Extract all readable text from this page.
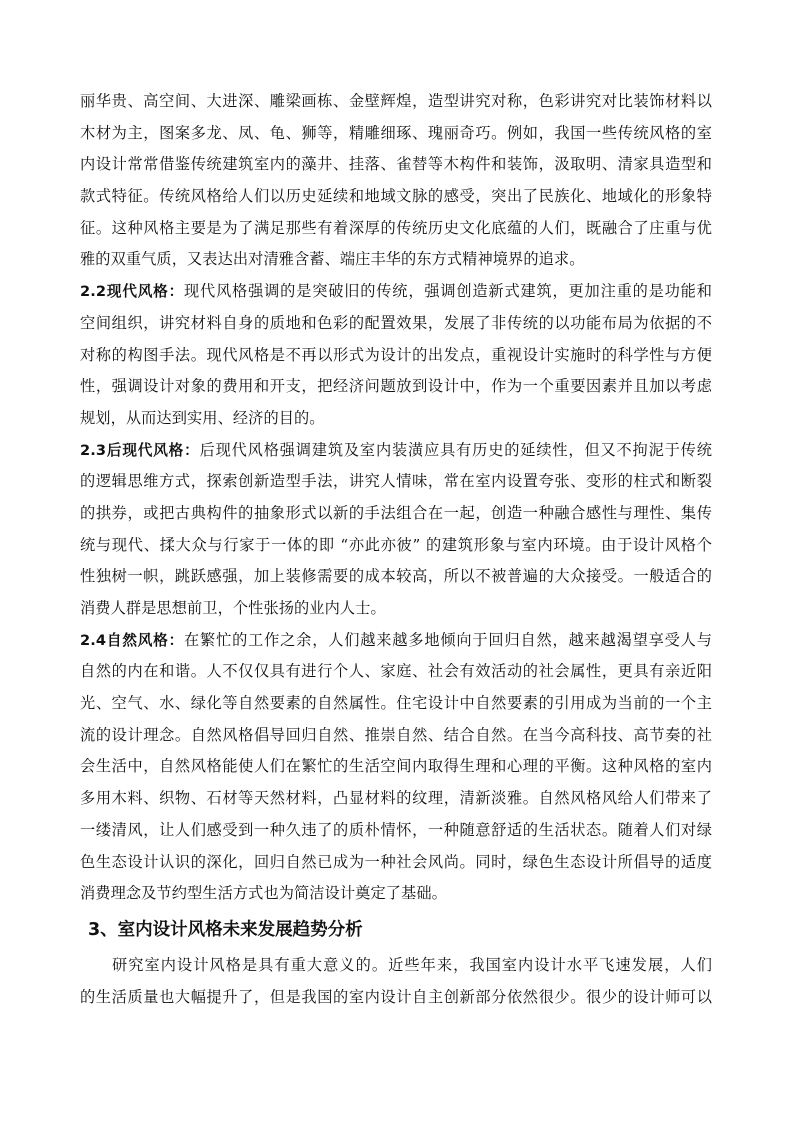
丽华贵、高空间、大进深、雕梁画栋、金壁辉煌，造型讲究对称，色彩讲究对比装饰材料以
木材为主，图案多龙、凤、龟、狮等，精雕细琢、瑰丽奇巧。例如，我国一些传统风格的室
内设计常常借鉴传统建筑室内的藻井、挂落、雀替等木构件和装饰，汲取明、清家具造型和
款式特征。传统风格给人们以历史延续和地域文脉的感受，突出了民族化、地域化的形象特
征。这种风格主要是为了满足那些有着深厚的传统历史文化底蕴的人们，既融合了庄重与优
雅的双重气质，又表达出对清雅含蓄、端庄丰华的东方式精神境界的追求。
2.2现代风格：现代风格强调的是突破旧的传统，强调创造新式建筑，更加注重的是功能和
空间组织，讲究材料自身的质地和色彩的配置效果，发展了非传统的以功能布局为依据的不
对称的构图手法。现代风格是不再以形式为设计的出发点，重视设计实施时的科学性与方便
性，强调设计对象的费用和开支，把经济问题放到设计中，作为一个重要因素并且加以考虑
规划，从而达到实用、经济的目的。
2.3后现代风格：后现代风格强调建筑及室内装潢应具有历史的延续性，但又不拘泥于传统
的逻辑思维方式，探索创新造型手法，讲究人情味，常在室内设置夸张、变形的柱式和断裂
的拱券，或把古典构件的抽象形式以新的手法组合在一起，创造一种融合感性与理性、集传
统与现代、揉大众与行家于一体的即 “亦此亦彼” 的建筑形象与室内环境。由于设计风格个
性独树一帜，跳跃感强，加上装修需要的成本较高，所以不被普遍的大众接受。一般适合的
消费人群是思想前卫，个性张扬的业内人士。
2.4自然风格：在繁忙的工作之余，人们越来越多地倾向于回归自然，越来越渴望享受人与
自然的内在和谐。人不仅仅具有进行个人、家庭、社会有效活动的社会属性，更具有亲近阳
光、空气、水、绿化等自然要素的自然属性。住宅设计中自然要素的引用成为当前的一个主
流的设计理念。自然风格倡导回归自然、推崇自然、结合自然。在当今高科技、高节奏的社
会生活中，自然风格能使人们在繁忙的生活空间内取得生理和心理的平衡。这种风格的室内
多用木料、织物、石材等天然材料，凸显材料的纹理，清新淡雅。自然风格风给人们带来了
一缕清风，让人们感受到一种久违了的质朴情怀，一种随意舒适的生活状态。随着人们对绿
色生态设计认识的深化，回归自然已成为一种社会风尚。同时，绿色生态设计所倡导的适度
消费理念及节约型生活方式也为简洁设计奠定了基础。
3、室内设计风格未来发展趋势分析
研究室内设计风格是具有重大意义的。近些年来，我国室内设计水平飞速发展，人们
的生活质量也大幅提升了，但是我国的室内设计自主创新部分依然很少。很少的设计师可以
